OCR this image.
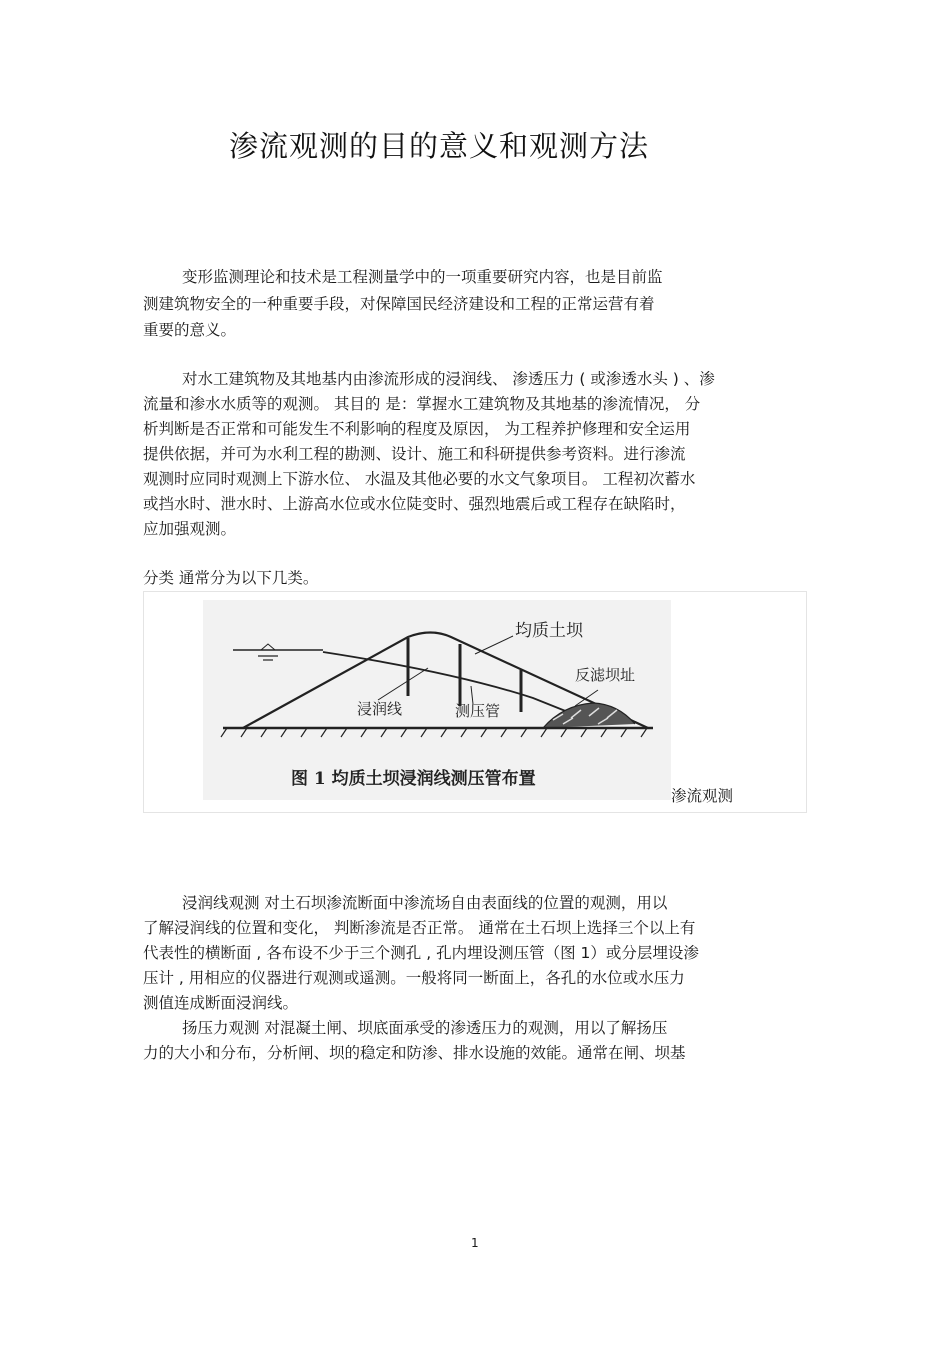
渗流观测的目的意义和观测方法
变形监测理论和技术是工程测量学中的一项重要研究内容，也是目前监
测建筑物安全的一种重要手段，对保障国民经济建设和工程的正常运营有着
重要的意义。
对水工建筑物及其地基内由渗流形成的浸润线、 渗透压力 ( 或渗透水头 ) 、渗
流量和渗水水质等的观测。 其目的 是：掌握水工建筑物及其地基的渗流情况， 分
析判断是否正常和可能发生不利影响的程度及原因， 为工程养护修理和安全运用
提供依据，并可为水利工程的勘测、设计、施工和科研提供参考资料。进行渗流
观测时应同时观测上下游水位、 水温及其他必要的水文气象项目。 工程初次蓄水
或挡水时、泄水时、上游高水位或水位陡变时、强烈地震后或工程存在缺陷时，
应加强观测。
分类 通常分为以下几类。
均质土坝
反滤坝址
浸润线	测压管
图 1 均质土坝浸润线测压管布置
渗流观测
浸润线观测 对土石坝渗流断面中渗流场自由表面线的位置的观测，用以
了解浸润线的位置和变化， 判断渗流是否正常。 通常在土石坝上选择三个以上有
代表性的横断面 , 各布设不少于三个测孔 , 孔内埋设测压管（图 1）或分层埋设渗
压计 , 用相应的仪器进行观测或遥测。一般将同一断面上，各孔的水位或水压力
测值连成断面浸润线。
扬压力观测 对混凝土闸、坝底面承受的渗透压力的观测，用以了解扬压
力的大小和分布，分析闸、坝的稳定和防渗、排水设施的效能。通常在闸、坝基
1
